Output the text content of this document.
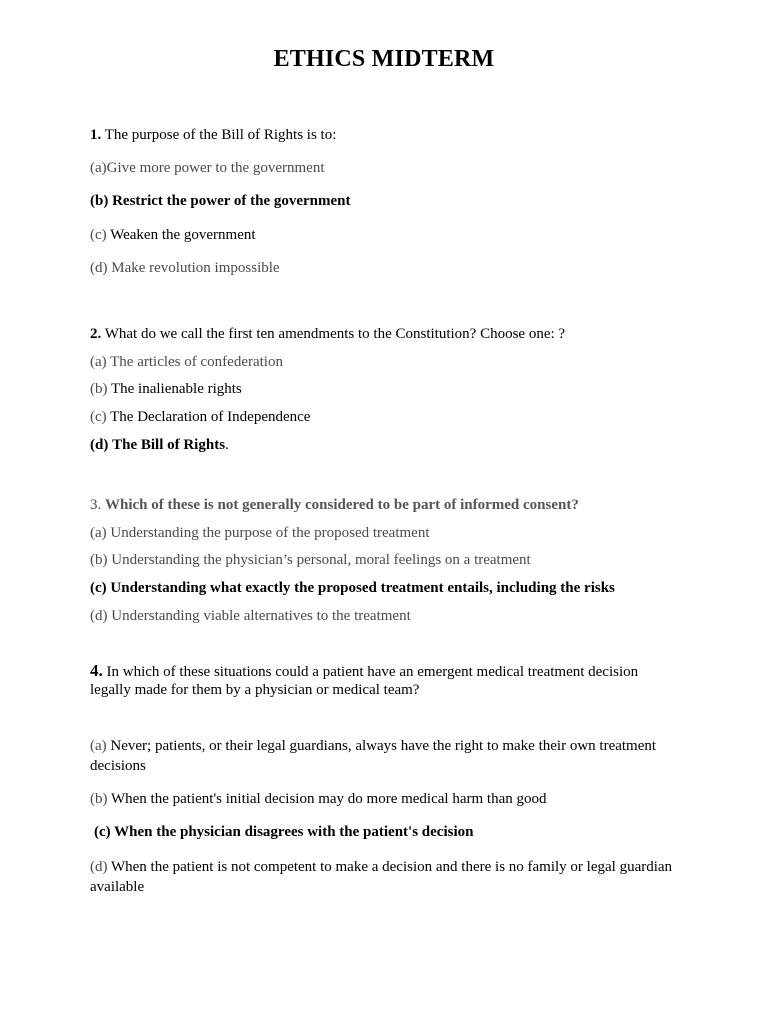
ETHICS MIDTERM
1. The purpose of the Bill of Rights is to:
(a)Give more power to the government
(b) Restrict the power of the government
(c) Weaken the government
(d) Make revolution impossible
2. What do we call the first ten amendments to the Constitution? Choose one: ?
(a) The articles of confederation
(b) The inalienable rights
(c) The Declaration of Independence
(d) The Bill of Rights.
3. Which of these is not generally considered to be part of informed consent?
(a) Understanding the purpose of the proposed treatment
(b) Understanding the physician’s personal, moral feelings on a treatment
(c) Understanding what exactly the proposed treatment entails, including the risks
(d) Understanding viable alternatives to the treatment
4. In which of these situations could a patient have an emergent medical treatment decision legally made for them by a physician or medical team?
(a) Never; patients, or their legal guardians, always have the right to make their own treatment decisions
(b) When the patient's initial decision may do more medical harm than good
(c) When the physician disagrees with the patient's decision
(d) When the patient is not competent to make a decision and there is no family or legal guardian available
